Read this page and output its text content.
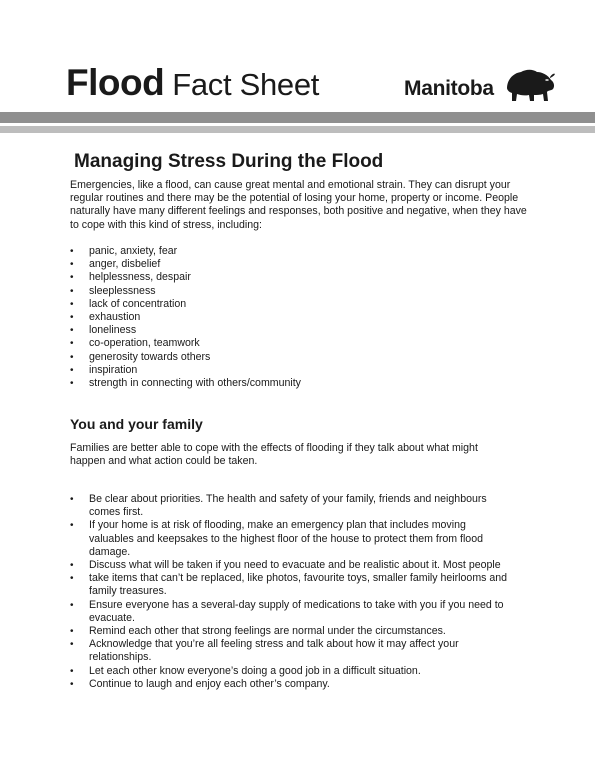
Flood Fact Sheet	Manitoba
Managing Stress During the Flood

Emergencies, like a flood, can cause great mental and emotional strain. They can disrupt your regular routines and there may be the potential of losing your home, property or income. People naturally have many different feelings and responses, both positive and negative, when they have to cope with this kind of stress, including:

• panic, anxiety, fear
• anger, disbelief
• helplessness, despair
• sleeplessness
• lack of concentration
• exhaustion
• loneliness
• co-operation, teamwork
• generosity towards others
• inspiration
• strength in connecting with others/community
You and your family

Families are better able to cope with the effects of flooding if they talk about what might happen and what action could be taken.

• Be clear about priorities. The health and safety of your family, friends and neighbours comes first.
• If your home is at risk of flooding, make an emergency plan that includes moving valuables and keepsakes to the highest floor of the house to protect them from flood damage.
• Discuss what will be taken if you need to evacuate and be realistic about it. Most people
• take items that can’t be replaced, like photos, favourite toys, smaller family heirlooms and family treasures.
• Ensure everyone has a several-day supply of medications to take with you if you need to evacuate.
• Remind each other that strong feelings are normal under the circumstances.
• Acknowledge that you’re all feeling stress and talk about how it may affect your relationships.
• Let each other know everyone’s doing a good job in a difficult situation.
• Continue to laugh and enjoy each other’s company.
